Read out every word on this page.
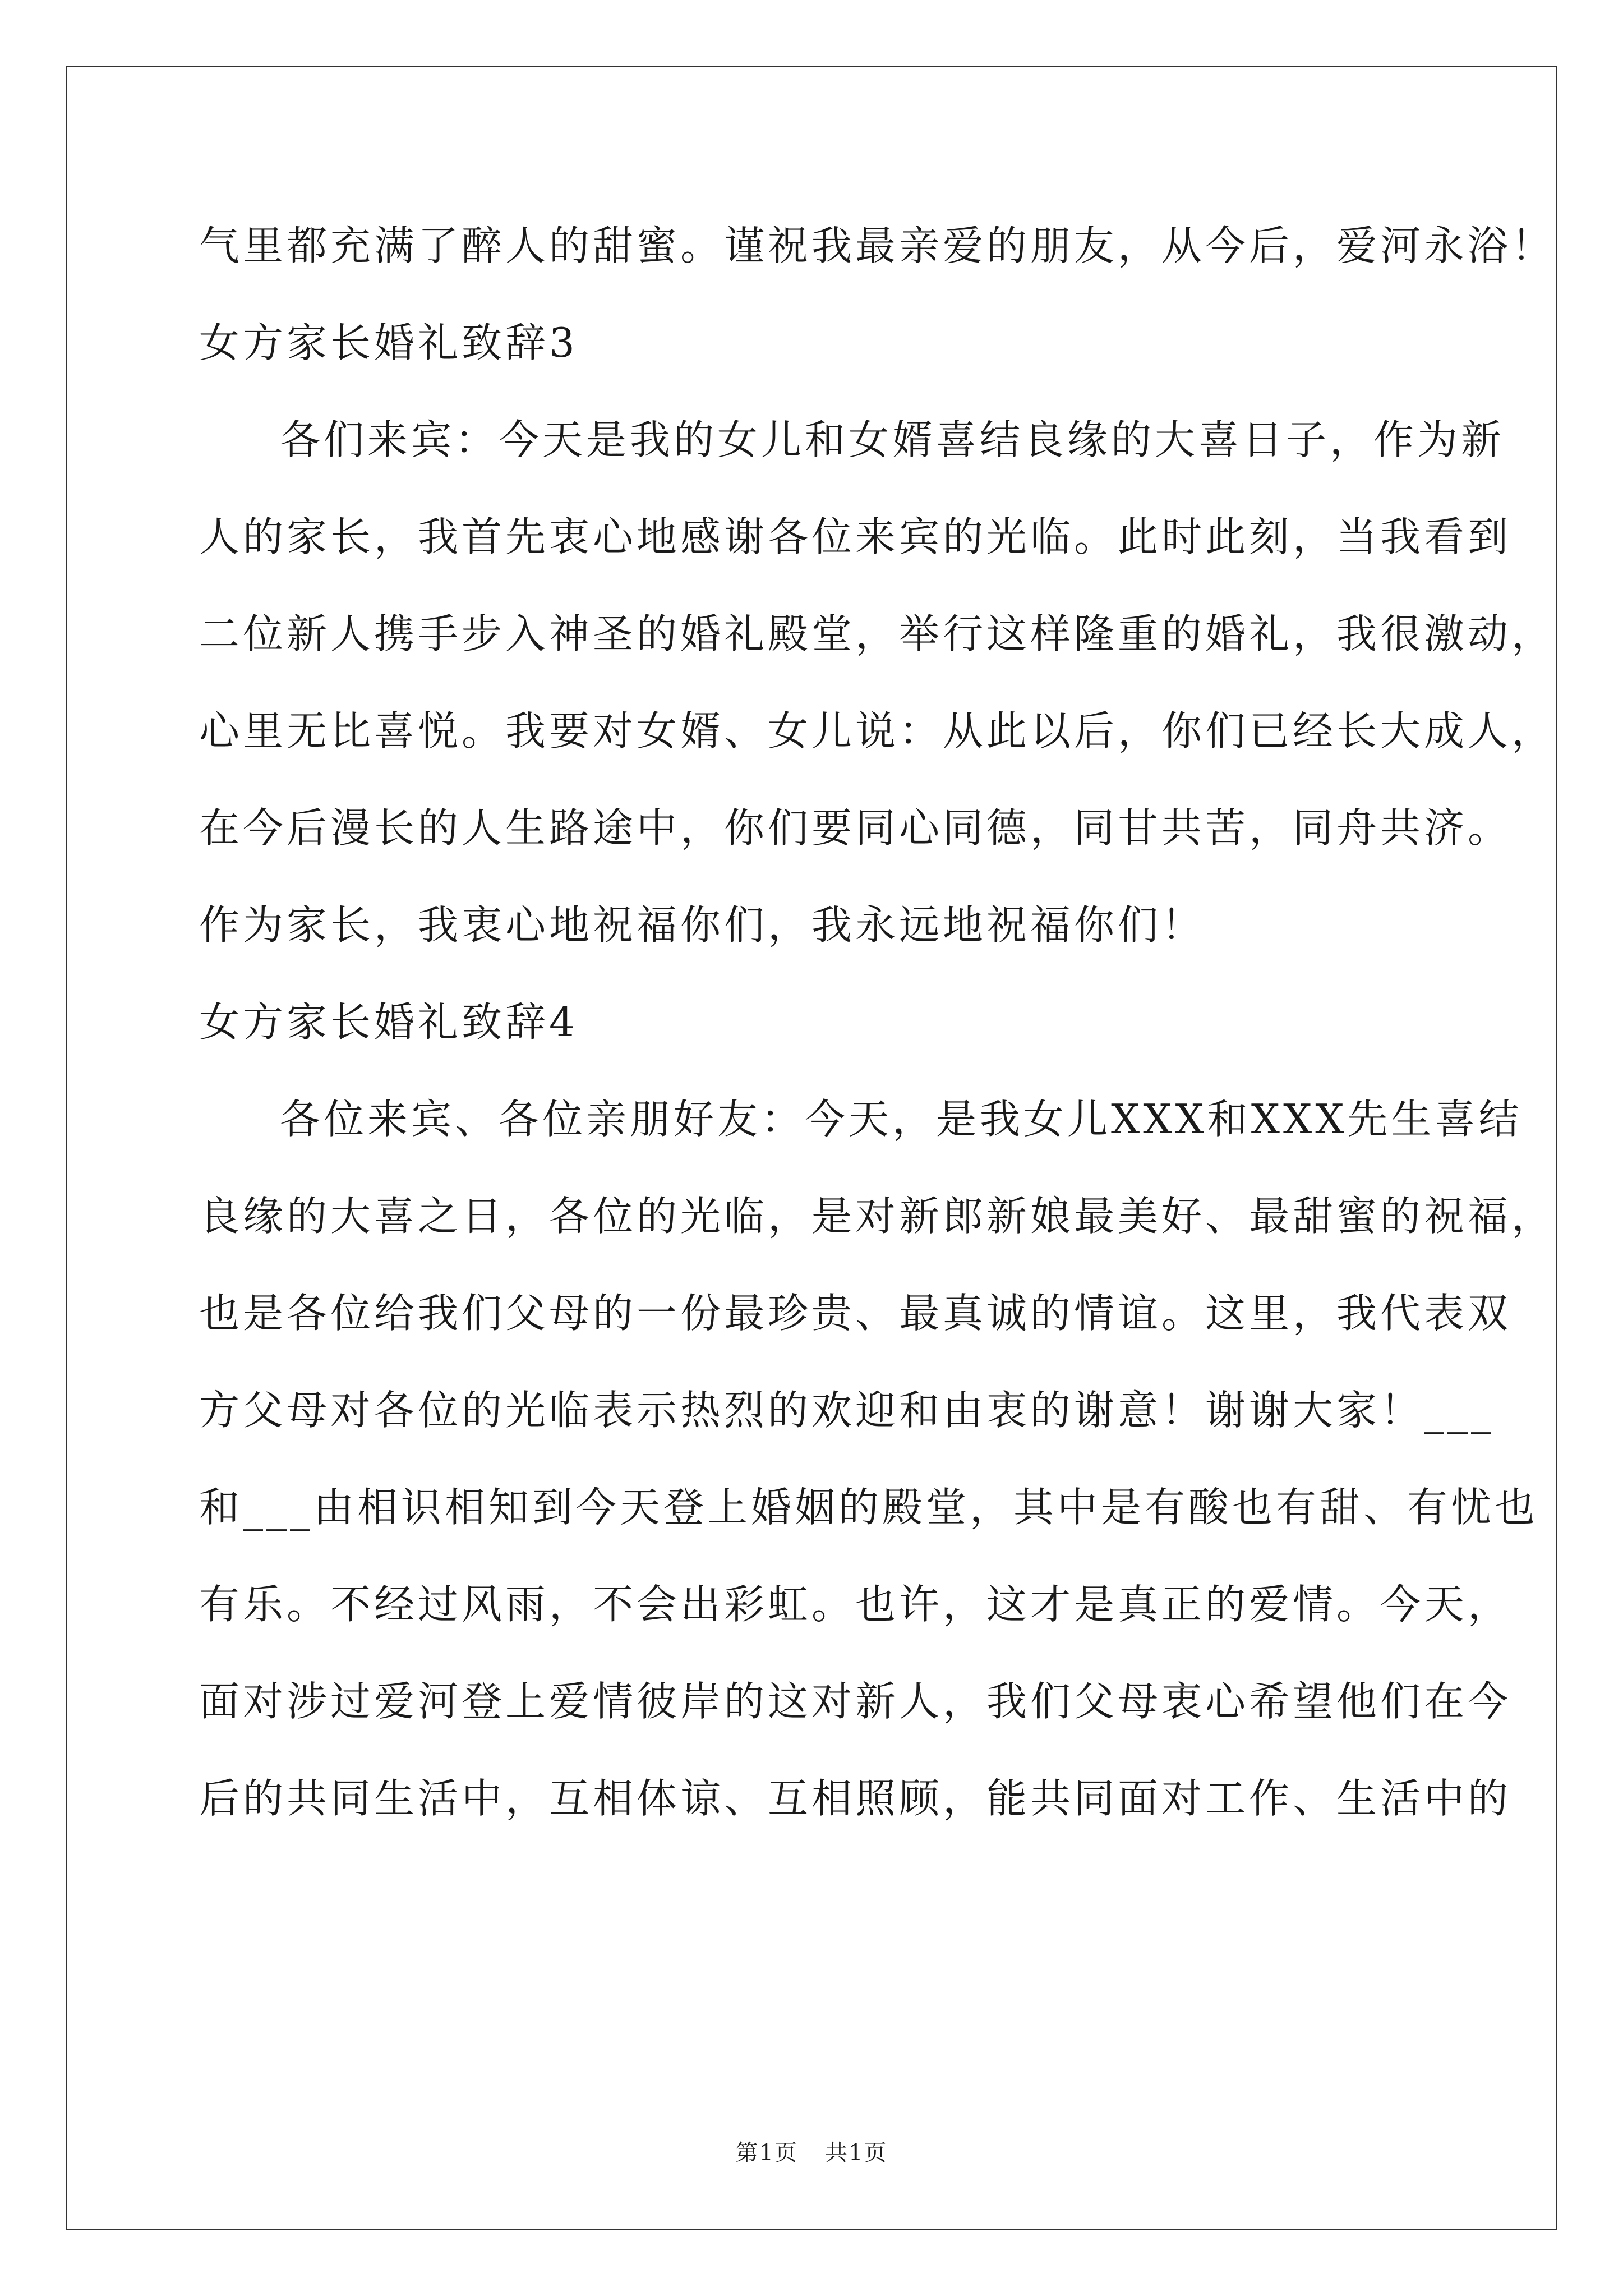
气里都充满了醉人的甜蜜。谨祝我最亲爱的朋友，从今后，爱河永浴！
女方家长婚礼致辞3
各们来宾：今天是我的女儿和女婿喜结良缘的大喜日子，作为新
人的家长，我首先衷心地感谢各位来宾的光临。此时此刻，当我看到
二位新人携手步入神圣的婚礼殿堂，举行这样隆重的婚礼，我很激动，
心里无比喜悦。我要对女婿、女儿说：从此以后，你们已经长大成人，
在今后漫长的人生路途中，你们要同心同德，同甘共苦，同舟共济。
作为家长，我衷心地祝福你们，我永远地祝福你们！
女方家长婚礼致辞4
各位来宾、各位亲朋好友：今天，是我女儿XXX和XXX先生喜结
良缘的大喜之日，各位的光临，是对新郎新娘最美好、最甜蜜的祝福，
也是各位给我们父母的一份最珍贵、最真诚的情谊。这里，我代表双
方父母对各位的光临表示热烈的欢迎和由衷的谢意！谢谢大家！___
和___由相识相知到今天登上婚姻的殿堂，其中是有酸也有甜、有忧也
有乐。不经过风雨，不会出彩虹。也许，这才是真正的爱情。今天，
面对涉过爱河登上爱情彼岸的这对新人，我们父母衷心希望他们在今
后的共同生活中，互相体谅、互相照顾，能共同面对工作、生活中的
第1页 共1页
